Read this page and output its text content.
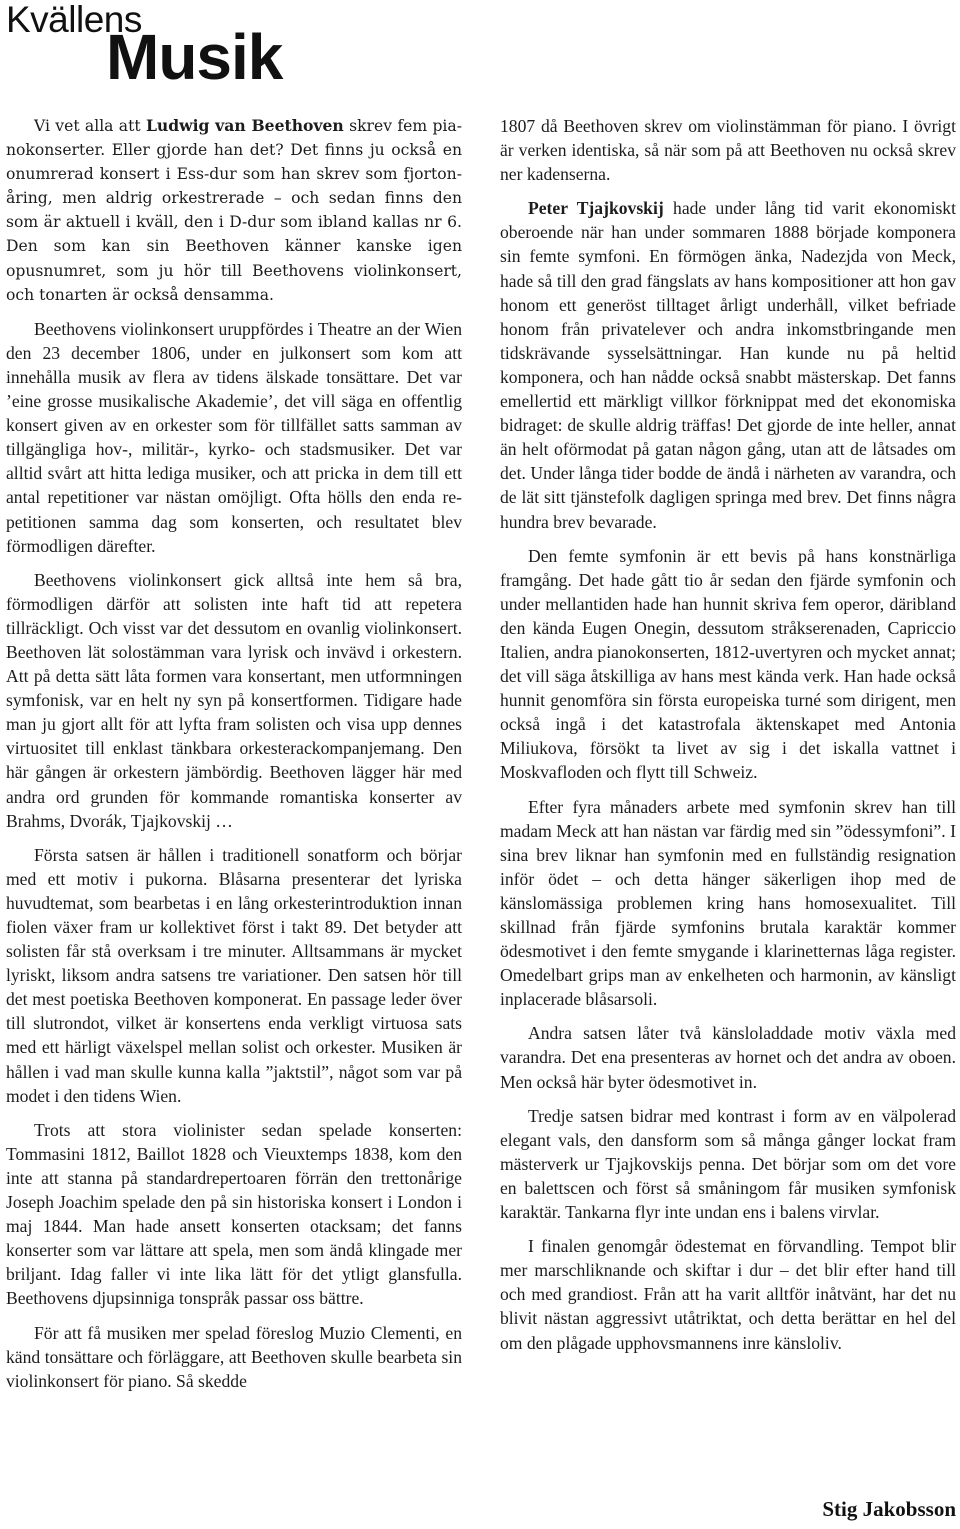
Kvällens
Musik

Vi vet alla att Ludwig van Beethoven skrev fem pianokonserter. Eller gjorde han det? Det finns ju också en onumrerad konsert i Ess-dur som han skrev som fjortonåring, men aldrig orkestrerade – och sedan finns den som är aktuell i kväll, den i D-dur som ibland kallas nr 6. Den som kan sin Beethoven känner kanske igen opusnumret, som ju hör till Beethovens violinkonsert, och tonarten är också densamma.

Beethovens violinkonsert uruppfördes i Theatre an der Wien den 23 december 1806, under en julkonsert som kom att innehålla musik av flera av tidens älskade tonsättare. Det var ’eine grosse musikalische Akademie’, det vill säga en offentlig konsert given av en orkester som för tillfället satts samman av tillgängliga hov-, militär-, kyrko- och stadsmusiker. Det var alltid svårt att hitta lediga musiker, och att pricka in dem till ett antal repetitioner var nästan omöjligt. Ofta hölls den enda repetitionen samma dag som konserten, och resultatet blev förmodligen därefter.

Beethovens violinkonsert gick alltså inte hem så bra, förmodligen därför att solisten inte haft tid att repetera tillräckligt. Och visst var det dessutom en ovanlig violinkonsert. Beethoven lät solostämman vara lyrisk och invävd i orkestern. Att på detta sätt låta formen vara konsertant, men utformningen symfonisk, var en helt ny syn på konsertformen. Tidigare hade man ju gjort allt för att lyfta fram solisten och visa upp dennes virtuositet till enklast tänkbara orkesterackompanjemang. Den här gången är orkestern jämbördig. Beethoven lägger här med andra ord grunden för kommande romantiska konserter av Brahms, Dvorák, Tjajkovskij …

Första satsen är hållen i traditionell sonatform och börjar med ett motiv i pukorna. Blåsarna presenterar det lyriska huvudtemat, som bearbetas i en lång orkesterintroduktion innan fiolen växer fram ur kollektivet först i takt 89. Det betyder att solisten får stå overksam i tre minuter. Alltsammans är mycket lyriskt, liksom andra satsens tre variationer. Den satsen hör till det mest poetiska Beethoven komponerat. En passage leder över till slutrondot, vilket är konsertens enda verkligt virtuosa sats med ett härligt växelspel mellan solist och orkester. Musiken är hållen i vad man skulle kunna kalla ”jaktstil”, något som var på modet i den tidens Wien.

Trots att stora violinister sedan spelade konserten: Tommasini 1812, Baillot 1828 och Vieuxtemps 1838, kom den inte att stanna på standardrepertoaren förrän den trettonårige Joseph Joachim spelade den på sin historiska konsert i London i maj 1844. Man hade ansett konserten otacksam; det fanns konserter som var lättare att spela, men som ändå klingade mer briljant. Idag faller vi inte lika lätt för det ytligt glansfulla. Beethovens djupsinniga tonspråk passar oss bättre.

För att få musiken mer spelad föreslog Muzio Clementi, en känd tonsättare och förläggare, att Beethoven skulle bearbeta sin violinkonsert för piano. Så skedde

1807 då Beethoven skrev om violinstämman för piano. I övrigt är verken identiska, så när som på att Beethoven nu också skrev ner kadenserna.

Peter Tjajkovskij hade under lång tid varit ekonomiskt oberoende när han under sommaren 1888 började komponera sin femte symfoni. En förmögen änka, Nadezjda von Meck, hade så till den grad fängslats av hans kompositioner att hon gav honom ett generöst tilltaget årligt underhåll, vilket befriade honom från privatelever och andra inkomstbringande men tidskrävande sysselsättningar. Han kunde nu på heltid komponera, och han nådde också snabbt mästerskap. Det fanns emellertid ett märkligt villkor förknippat med det ekonomiska bidraget: de skulle aldrig träffas! Det gjorde de inte heller, annat än helt oförmodat på gatan någon gång, utan att de låtsades om det. Under långa tider bodde de ändå i närheten av varandra, och de lät sitt tjänstefolk dagligen springa med brev. Det finns några hundra brev bevarade.

Den femte symfonin är ett bevis på hans konstnärliga framgång. Det hade gått tio år sedan den fjärde symfonin och under mellantiden hade han hunnit skriva fem operor, däribland den kända Eugen Onegin, dessutom stråkserenaden, Capriccio Italien, andra pianokonserten, 1812-uvertyren och mycket annat; det vill säga åtskilliga av hans mest kända verk. Han hade också hunnit genomföra sin första europeiska turné som dirigent, men också ingå i det katastrofala äktenskapet med Antonia Miliukova, försökt ta livet av sig i det iskalla vattnet i Moskvafloden och flytt till Schweiz.

Efter fyra månaders arbete med symfonin skrev han till madam Meck att han nästan var färdig med sin ”ödessymfoni”. I sina brev liknar han symfonin med en fullständig resignation inför ödet – och detta hänger säkerligen ihop med de känslomässiga problemen kring hans homosexualitet. Till skillnad från fjärde symfonins brutala karaktär kommer ödesmotivet i den femte smygande i klarinetternas låga register. Omedelbart grips man av enkelheten och harmonin, av känsligt inplacerade blåsarsoli.

Andra satsen låter två känsloladdade motiv växla med varandra. Det ena presenteras av hornet och det andra av oboen. Men också här byter ödesmotivet in.

Tredje satsen bidrar med kontrast i form av en välpolerad elegant vals, den dansform som så många gånger lockat fram mästerverk ur Tjajkovskijs penna. Det börjar som om det vore en balettscen och först så småningom får musiken symfonisk karaktär. Tankarna flyr inte undan ens i balens virvlar.

I finalen genomgår ödestemat en förvandling. Tempot blir mer marschliknande och skiftar i dur – det blir efter hand till och med grandiost. Från att ha varit alltför inåtvänt, har det nu blivit nästan aggressivt utåtriktat, och detta berättar en hel del om den plågade upphovsmannens inre känsloliv.

Stig Jakobsson
